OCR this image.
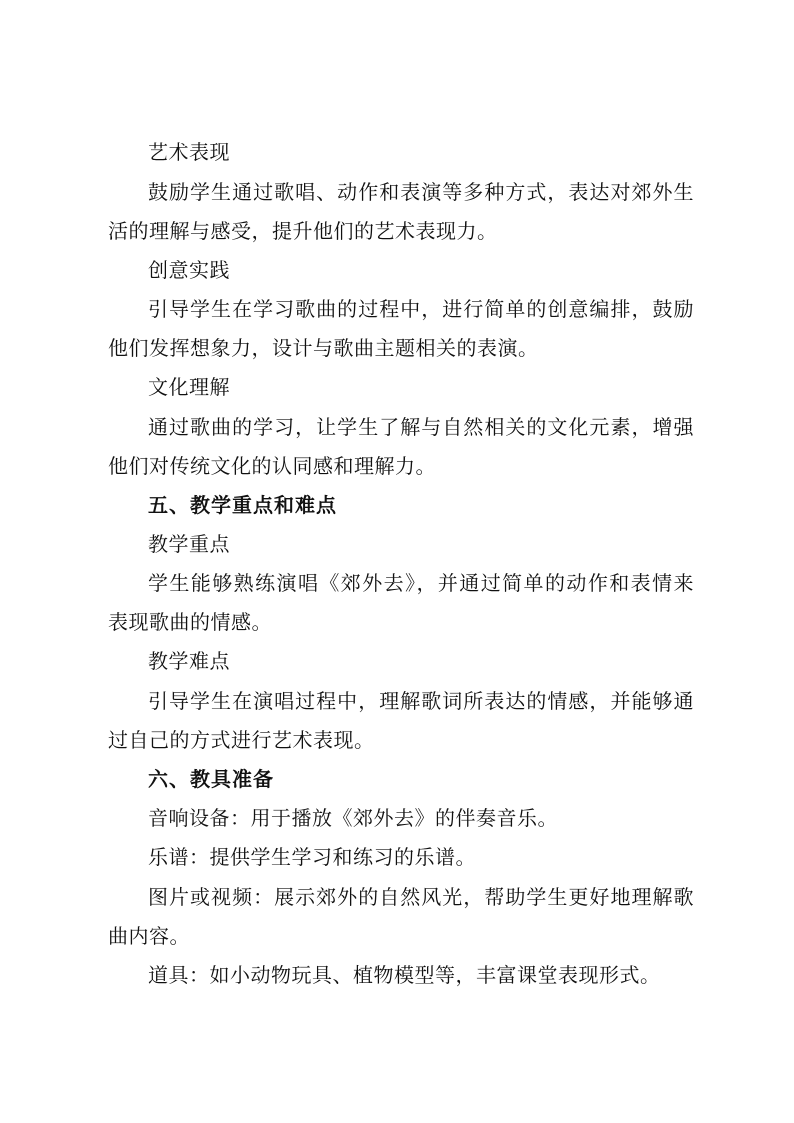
艺术表现
鼓励学生通过歌唱、动作和表演等多种方式，表达对郊外生
活的理解与感受，提升他们的艺术表现力。
创意实践
引导学生在学习歌曲的过程中，进行简单的创意编排，鼓励
他们发挥想象力，设计与歌曲主题相关的表演。
文化理解
通过歌曲的学习，让学生了解与自然相关的文化元素，增强
他们对传统文化的认同感和理解力。
五、教学重点和难点
教学重点
学生能够熟练演唱《郊外去》，并通过简单的动作和表情来
表现歌曲的情感。
教学难点
引导学生在演唱过程中，理解歌词所表达的情感，并能够通
过自己的方式进行艺术表现。
六、教具准备
音响设备：用于播放《郊外去》的伴奏音乐。
乐谱：提供学生学习和练习的乐谱。
图片或视频：展示郊外的自然风光，帮助学生更好地理解歌
曲内容。
道具：如小动物玩具、植物模型等，丰富课堂表现形式。
